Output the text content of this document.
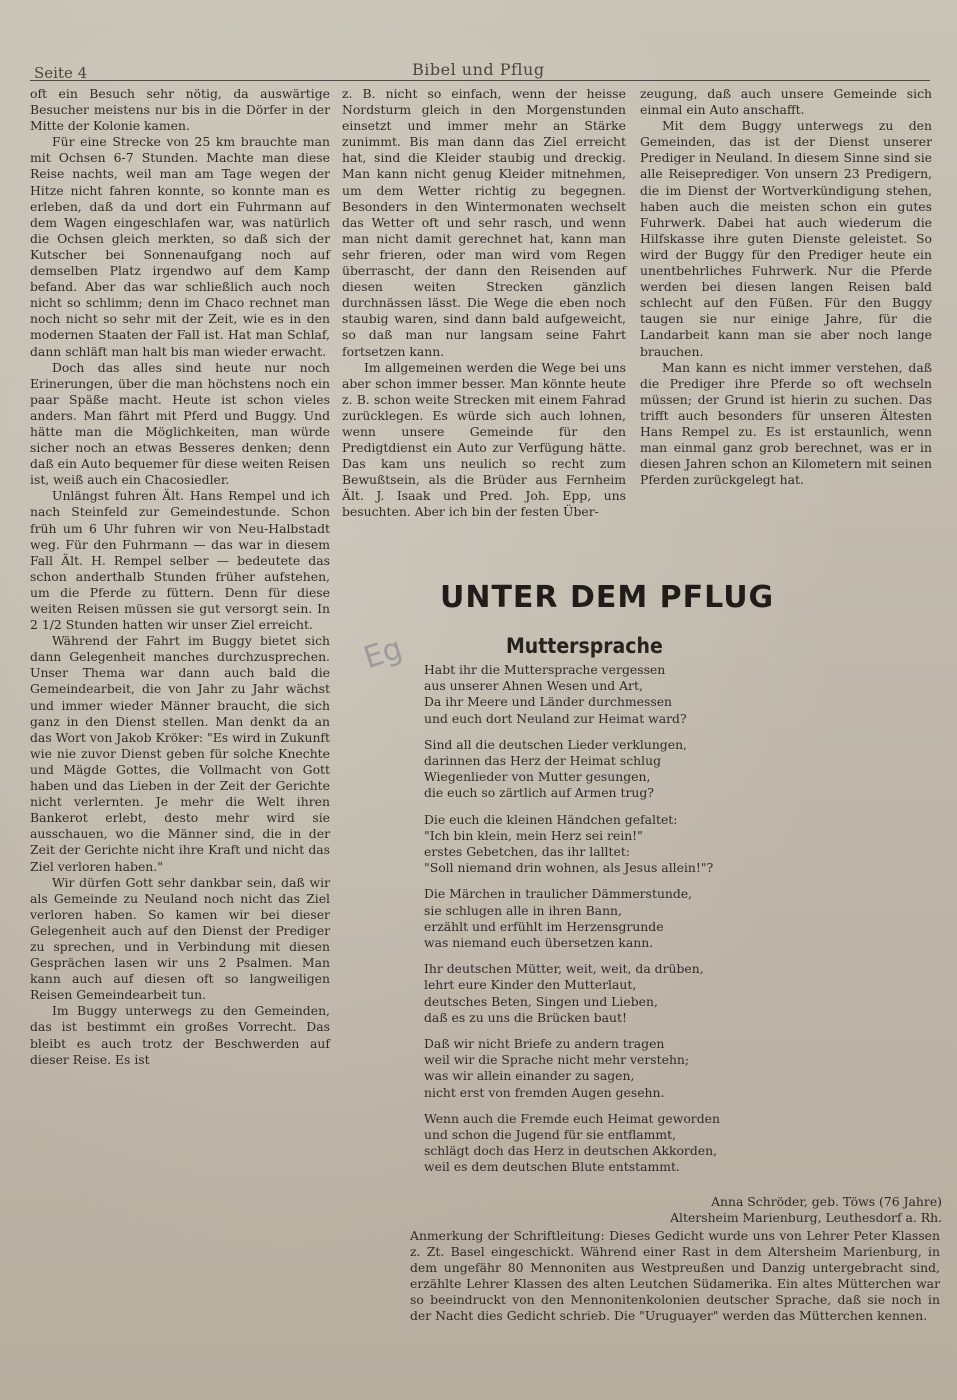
Seite 4	Bibel und Pflug

oft ein Besuch sehr nötig, da auswärtige Besucher meistens nur bis in die Dörfer in der Mitte der Kolonie kamen.

Für eine Strecke von 25 km brauchte man mit Ochsen 6-7 Stunden. Machte man diese Reise nachts, weil man am Tage wegen der Hitze nicht fahren konnte, so konnte man es erleben, daß da und dort ein Fuhrmann auf dem Wagen eingeschlafen war, was natürlich die Ochsen gleich merkten, so daß sich der Kutscher bei Sonnenaufgang noch auf demselben Platz irgendwo auf dem Kamp befand. Aber das war schließlich auch noch nicht so schlimm; denn im Chaco rechnet man noch nicht so sehr mit der Zeit, wie es in den modernen Staaten der Fall ist. Hat man Schlaf, dann schläft man halt bis man wieder erwacht.

Doch das alles sind heute nur noch Erinerungen, über die man höchstens noch ein paar Späße macht. Heute ist schon vieles anders. Man fährt mit Pferd und Buggy. Und hätte man die Möglichkeiten, man würde sicher noch an etwas Besseres denken; denn daß ein Auto bequemer für diese weiten Reisen ist, weiß auch ein Chacosiedler.

Unlängst fuhren Ält. Hans Rempel und ich nach Steinfeld zur Gemeindestunde. Schon früh um 6 Uhr fuhren wir von Neu-Halbstadt weg. Für den Fuhrmann — das war in diesem Fall Ält. H. Rempel selber — bedeutete das schon anderthalb Stunden früher aufstehen, um die Pferde zu füttern. Denn für diese weiten Reisen müssen sie gut versorgt sein. In 2 1/2 Stunden hatten wir unser Ziel erreicht.

Während der Fahrt im Buggy bietet sich dann Gelegenheit manches durchzusprechen. Unser Thema war dann auch bald die Gemeindearbeit, die von Jahr zu Jahr wächst und immer wieder Männer braucht, die sich ganz in den Dienst stellen. Man denkt da an das Wort von Jakob Kröker: "Es wird in Zukunft wie nie zuvor Dienst geben für solche Knechte und Mägde Gottes, die Vollmacht von Gott haben und das Lieben in der Zeit der Gerichte nicht verlernten. Je mehr die Welt ihren Bankerot erlebt, desto mehr wird sie ausschauen, wo die Männer sind, die in der Zeit der Gerichte nicht ihre Kraft und nicht das Ziel verloren haben."

Wir dürfen Gott sehr dankbar sein, daß wir als Gemeinde zu Neuland noch nicht das Ziel verloren haben. So kamen wir bei dieser Gelegenheit auch auf den Dienst der Prediger zu sprechen, und in Verbindung mit diesen Gesprächen lasen wir uns 2 Psalmen. Man kann auch auf diesen oft so langweiligen Reisen Gemeindearbeit tun.

Im Buggy unterwegs zu den Gemeinden, das ist bestimmt ein großes Vorrecht. Das bleibt es auch trotz der Beschwerden auf dieser Reise. Es ist

z. B. nicht so einfach, wenn der heisse Nordsturm gleich in den Morgenstunden einsetzt und immer mehr an Stärke zunimmt. Bis man dann das Ziel erreicht hat, sind die Kleider staubig und dreckig. Man kann nicht genug Kleider mitnehmen, um dem Wetter richtig zu begegnen. Besonders in den Wintermonaten wechselt das Wetter oft und sehr rasch, und wenn man nicht damit gerechnet hat, kann man sehr frieren, oder man wird vom Regen überrascht, der dann den Reisenden auf diesen weiten Strecken gänzlich durchnässen lässt. Die Wege die eben noch staubig waren, sind dann bald aufgeweicht, so daß man nur langsam seine Fahrt fortsetzen kann.

Im allgemeinen werden die Wege bei uns aber schon immer besser. Man könnte heute z. B. schon weite Strecken mit einem Fahrad zurücklegen. Es würde sich auch lohnen, wenn unsere Gemeinde für den Predigtdienst ein Auto zur Verfügung hätte. Das kam uns neulich so recht zum Bewußtsein, als die Brüder aus Fernheim Ält. J. Isaak und Pred. Joh. Epp, uns besuchten. Aber ich bin der festen Über-

zeugung, daß auch unsere Gemeinde sich einmal ein Auto anschafft.

Mit dem Buggy unterwegs zu den Gemeinden, das ist der Dienst unserer Prediger in Neuland. In diesem Sinne sind sie alle Reiseprediger. Von unsern 23 Predigern, die im Dienst der Wortverkündigung stehen, haben auch die meisten schon ein gutes Fuhrwerk. Dabei hat auch wiederum die Hilfskasse ihre guten Dienste geleistet. So wird der Buggy für den Prediger heute ein unentbehrliches Fuhrwerk. Nur die Pferde werden bei diesen langen Reisen bald schlecht auf den Füßen. Für den Buggy taugen sie nur einige Jahre, für die Landarbeit kann man sie aber noch lange brauchen.

Man kann es nicht immer verstehen, daß die Prediger ihre Pferde so oft wechseln müssen; der Grund ist hierin zu suchen. Das trifft auch besonders für unseren Ältesten Hans Rempel zu. Es ist erstaunlich, wenn man einmal ganz grob berechnet, was er in diesen Jahren schon an Kilometern mit seinen Pferden zurückgelegt hat.

UNTER DEM PFLUG
Eg	Muttersprache
Habt ihr die Muttersprache vergessen
aus unserer Ahnen Wesen und Art,
Da ihr Meere und Länder durchmessen
und euch dort Neuland zur Heimat ward?
Sind all die deutschen Lieder verklungen,
darinnen das Herz der Heimat schlug
Wiegenlieder von Mutter gesungen,
die euch so zärtlich auf Armen trug?
Die euch die kleinen Händchen gefaltet:
"Ich bin klein, mein Herz sei rein!"
erstes Gebetchen, das ihr lalltet:
"Soll niemand drin wohnen, als Jesus allein!"?
Die Märchen in traulicher Dämmerstunde,
sie schlugen alle in ihren Bann,
erzählt und erfühlt im Herzensgrunde
was niemand euch übersetzen kann.
Ihr deutschen Mütter, weit, weit, da drüben,
lehrt eure Kinder den Mutterlaut,
deutsches Beten, Singen und Lieben,
daß es zu uns die Brücken baut!
Daß wir nicht Briefe zu andern tragen
weil wir die Sprache nicht mehr verstehn;
was wir allein einander zu sagen,
nicht erst von fremden Augen gesehn.
Wenn auch die Fremde euch Heimat geworden
und schon die Jugend für sie entflammt,
schlägt doch das Herz in deutschen Akkorden,
weil es dem deutschen Blute entstammt.
Anna Schröder, geb. Töws (76 Jahre)
Altersheim Marienburg, Leuthesdorf a. Rh.
Anmerkung der Schriftleitung: Dieses Gedicht wurde uns von Lehrer Peter Klassen z. Zt. Basel eingeschickt. Während einer Rast in dem Altersheim Marienburg, in dem ungefähr 80 Mennoniten aus Westpreußen und Danzig untergebracht sind, erzählte Lehrer Klassen des alten Leutchen Südamerika. Ein altes Mütterchen war so beeindruckt von den Mennonitenkolonien deutscher Sprache, daß sie noch in der Nacht dies Gedicht schrieb. Die "Uruguayer" werden das Mütterchen kennen.
